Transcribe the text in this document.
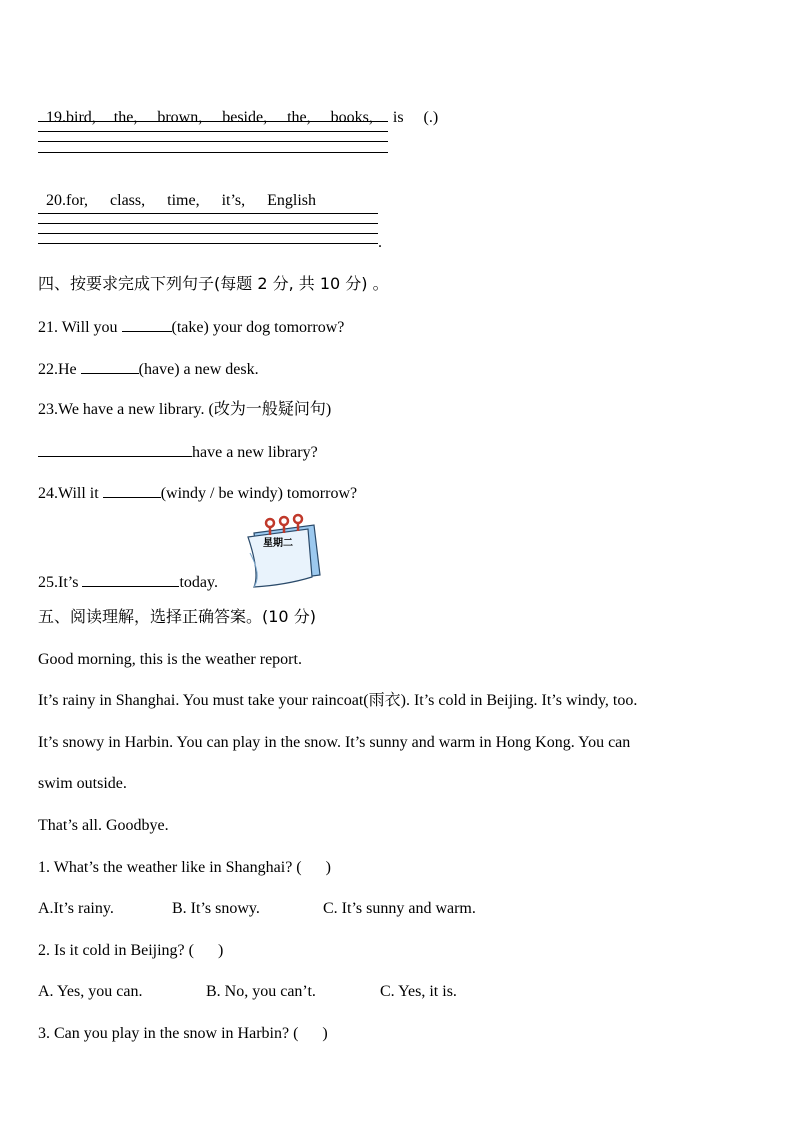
19.bird, the, brown, beside, the, books, is (.)

20.for, class, time, it’s, English

.
四、按要求完成下列句子(每题 2 分, 共 10 分) 。
21. Will you	(take) your dog tomorrow?
22.He	(have) a new desk.
23.We have a new library. (改为一般疑问句)
have a new library?
24.Will it	(windy / be windy) tomorrow?
星期二
25.It’s	today.
五、阅读理解，选择正确答案。(10 分)
Good morning, this is the weather report.
It’s rainy in Shanghai. You must take your raincoat(雨衣). It’s cold in Beijing. It’s windy, too.
It’s snowy in Harbin. You can play in the snow. It’s sunny and warm in Hong Kong. You can
swim outside.
That’s all. Goodbye.
1. What’s the weather like in Shanghai? (      )
A.It’s rainy.	B. It’s snowy.	C. It’s sunny and warm.
2. Is it cold in Beijing? (      )
A. Yes, you can.	B. No, you can’t.	C. Yes, it is.
3. Can you play in the snow in Harbin? (      )
